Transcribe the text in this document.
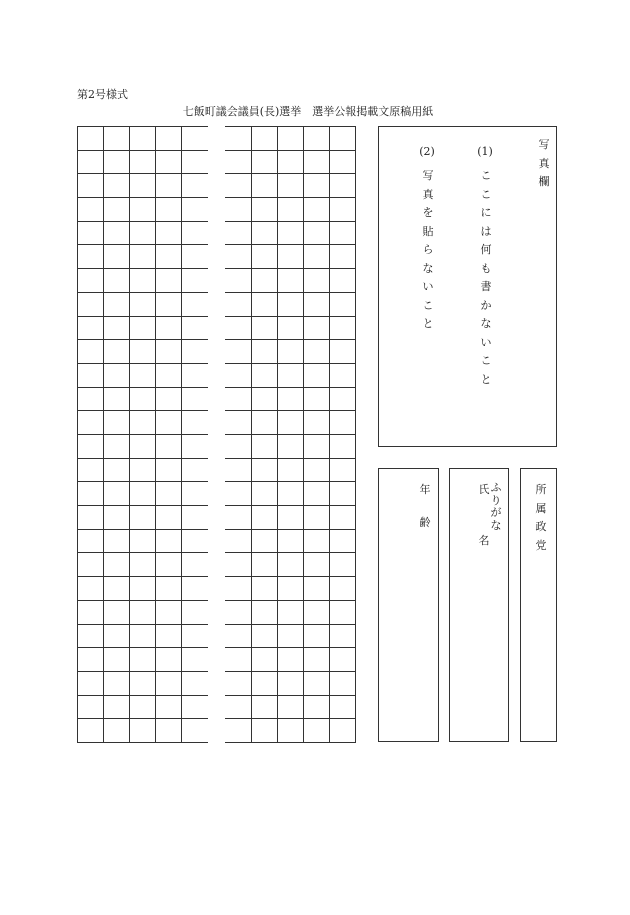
第2号様式
七飯町議会議員(長)選挙　選挙公報掲載文原稿用紙
写
真
欄
(1)
こ
こ
に
は
何
も
書
か
な
い
こ
と
(2)
写
真
を
貼
ら
な
い
こ
と
年
齢
氏 ふ
り
が
な
名
所
属
政
党
